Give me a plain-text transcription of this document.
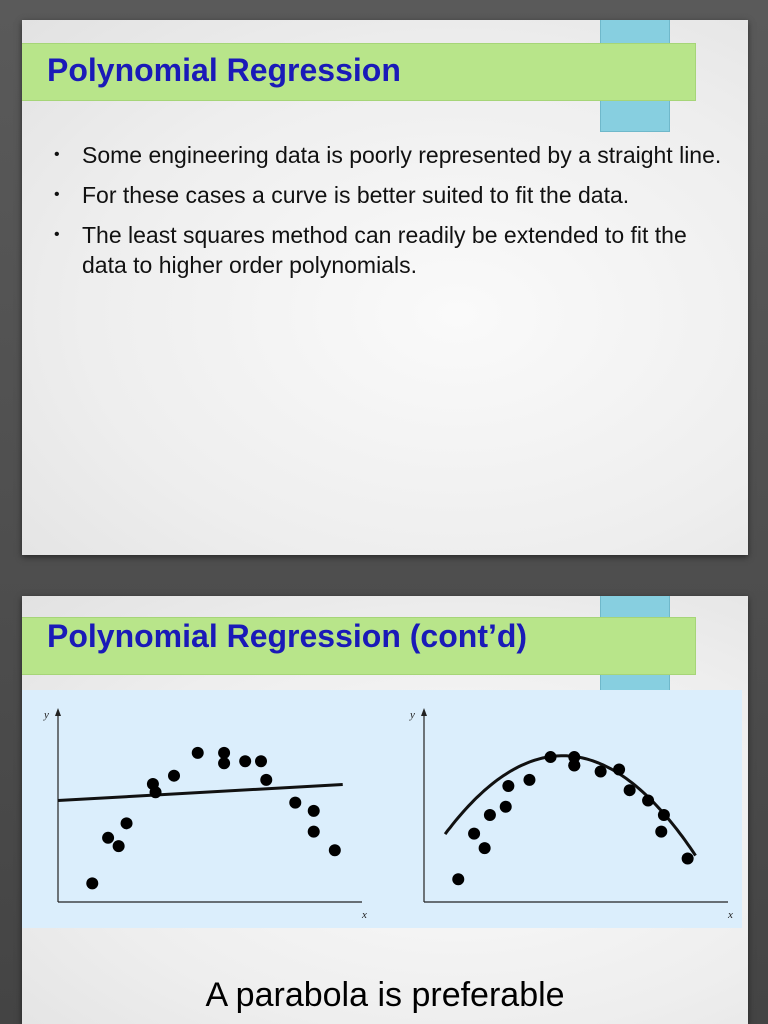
Polynomial Regression
• Some engineering data is poorly represented by a straight line.
• For these cases a curve is better suited to fit the data.
• The least squares method can readily be extended to fit the data to higher order polynomials.
Polynomial Regression (cont’d)
y
x
y
x
A parabola is preferable
